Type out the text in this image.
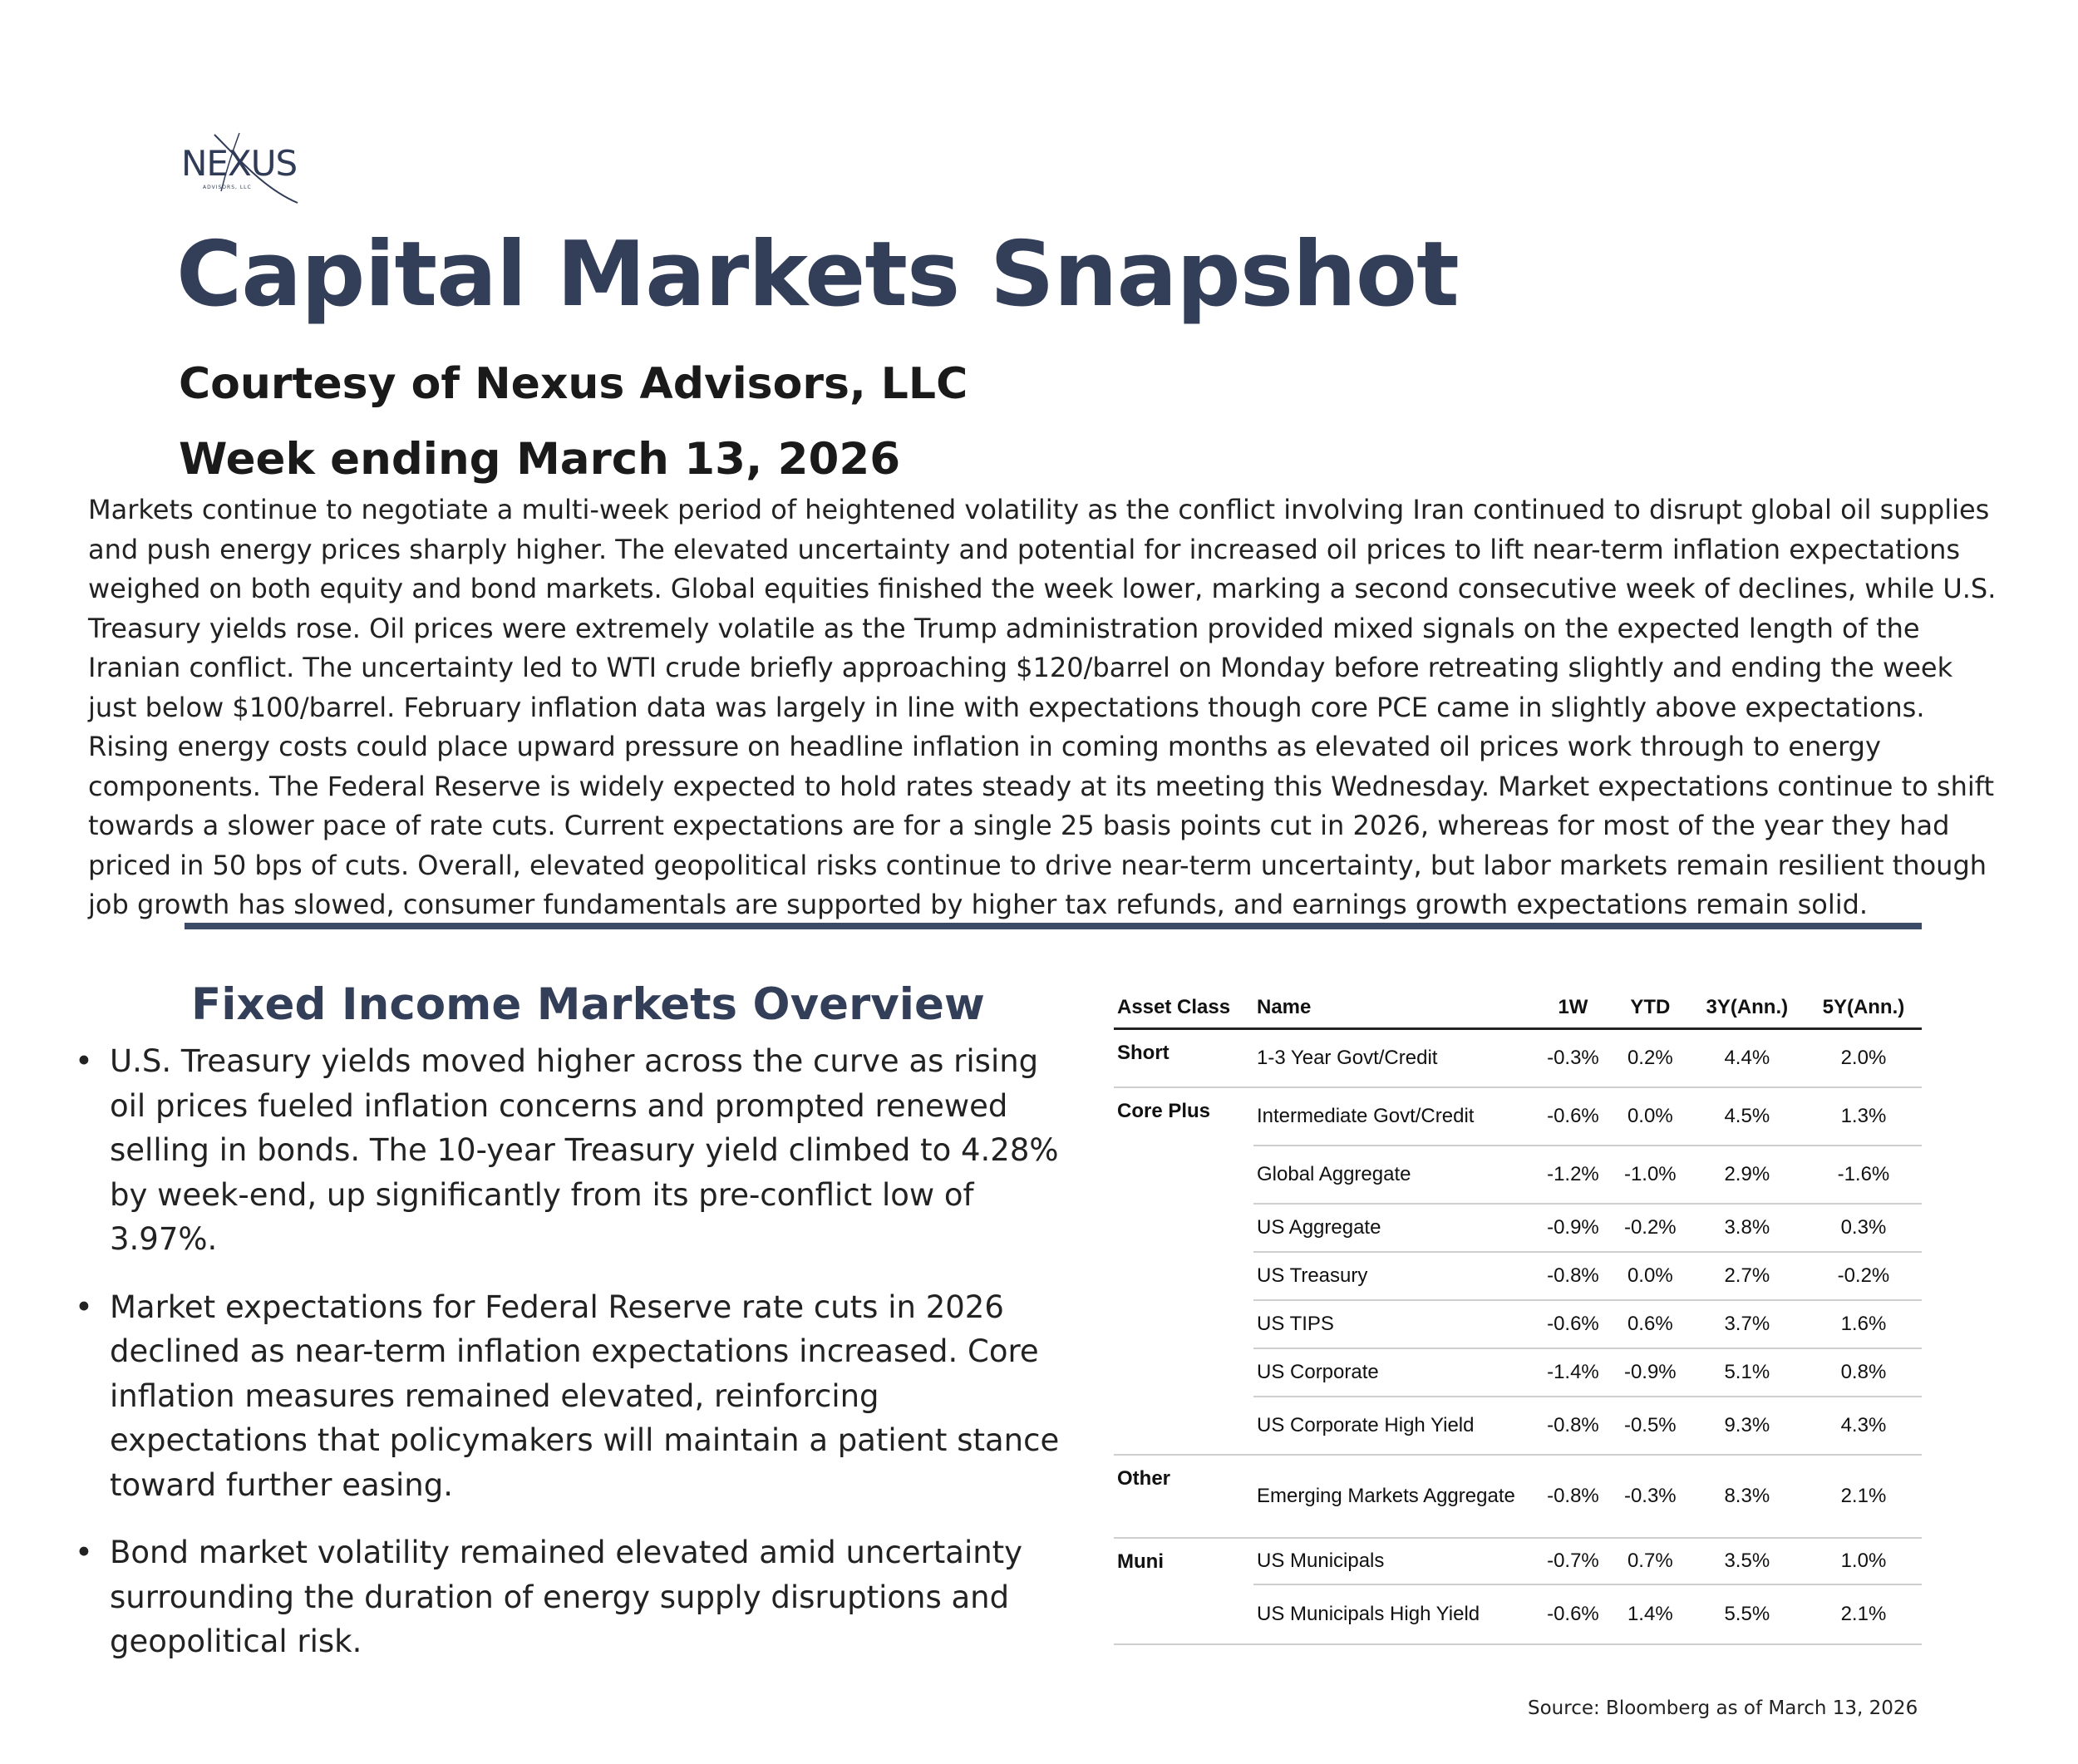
NEXUS
ADVISORS, LLC
Capital Markets Snapshot
Courtesy of Nexus Advisors, LLC
Week ending March 13, 2026

Markets continue to negotiate a multi-week period of heightened volatility as the conflict involving Iran continued to disrupt global oil supplies and push energy prices sharply higher. The elevated uncertainty and potential for increased oil prices to lift near-term inflation expectations weighed on both equity and bond markets. Global equities finished the week lower, marking a second consecutive week of declines, while U.S. Treasury yields rose. Oil prices were extremely volatile as the Trump administration provided mixed signals on the expected length of the Iranian conflict. The uncertainty led to WTI crude briefly approaching $120/barrel on Monday before retreating slightly and ending the week just below $100/barrel. February inflation data was largely in line with expectations though core PCE came in slightly above expectations. Rising energy costs could place upward pressure on headline inflation in coming months as elevated oil prices work through to energy components. The Federal Reserve is widely expected to hold rates steady at its meeting this Wednesday. Market expectations continue to shift towards a slower pace of rate cuts. Current expectations are for a single 25 basis points cut in 2026, whereas for most of the year they had priced in 50 bps of cuts. Overall, elevated geopolitical risks continue to drive near-term uncertainty, but labor markets remain resilient though job growth has slowed, consumer fundamentals are supported by higher tax refunds, and earnings growth expectations remain solid.

Fixed Income Markets Overview
• U.S. Treasury yields moved higher across the curve as rising oil prices fueled inflation concerns and prompted renewed selling in bonds. The 10-year Treasury yield climbed to 4.28% by week-end, up significantly from its pre-conflict low of 3.97%.
• Market expectations for Federal Reserve rate cuts in 2026 declined as near-term inflation expectations increased. Core inflation measures remained elevated, reinforcing expectations that policymakers will maintain a patient stance toward further easing.
• Bond market volatility remained elevated amid uncertainty surrounding the duration of energy supply disruptions and geopolitical risk.
Asset Class	Name	1W	YTD	3Y(Ann.)	5Y(Ann.)
Short	1-3 Year Govt/Credit	-0.3%	0.2%	4.4%	2.0%
Core Plus	Intermediate Govt/Credit	-0.6%	0.0%	4.5%	1.3%
	Global Aggregate	-1.2%	-1.0%	2.9%	-1.6%
	US Aggregate	-0.9%	-0.2%	3.8%	0.3%
	US Treasury	-0.8%	0.0%	2.7%	-0.2%
	US TIPS	-0.6%	0.6%	3.7%	1.6%
	US Corporate	-1.4%	-0.9%	5.1%	0.8%
	US Corporate High Yield	-0.8%	-0.5%	9.3%	4.3%
Other	Emerging Markets Aggregate	-0.8%	-0.3%	8.3%	2.1%
Muni	US Municipals	-0.7%	0.7%	3.5%	1.0%
	US Municipals High Yield	-0.6%	1.4%	5.5%	2.1%

Source: Bloomberg as of March 13, 2026
